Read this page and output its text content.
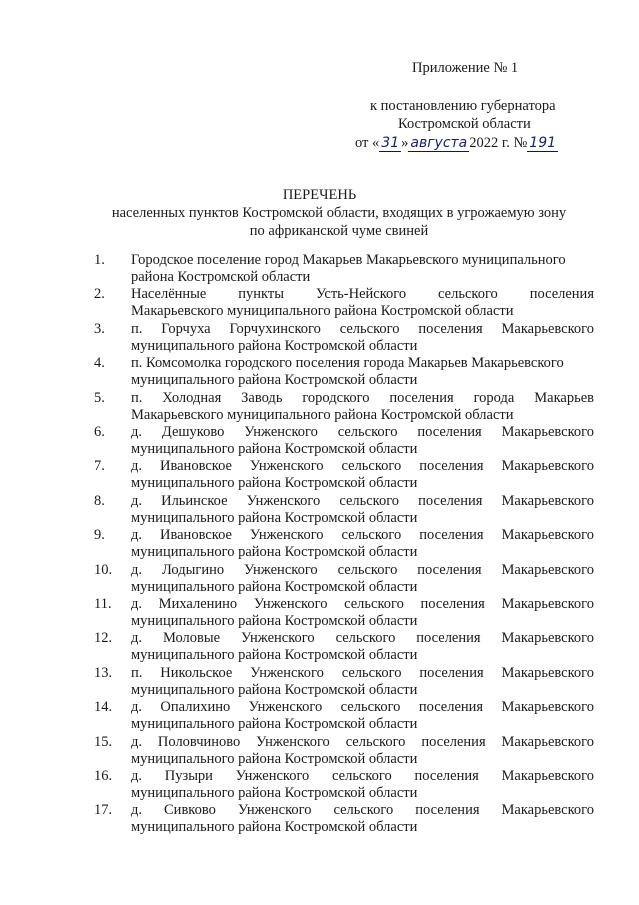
Приложение № 1
к постановлению губернатора
Костромской области
от « 31 » августа 2022 г. № 191
ПЕРЕЧЕНЬ
населенных пунктов Костромской области, входящих в угрожаемую зону
по африканской чуме свиней
1. Городское поселение город Макарьев Макарьевского муниципального
района Костромской области
2. Населённые пункты Усть-Нейского сельского поселения
Макарьевского муниципального района Костромской области
3. п. Горчуха Горчухинского сельского поселения Макарьевского
муниципального района Костромской области
4. п. Комсомолка городского поселения города Макарьев Макарьевского
муниципального района Костромской области
5. п. Холодная Заводь городского поселения города Макарьев
Макарьевского муниципального района Костромской области
6. д. Дешуково Унженского сельского поселения Макарьевского
муниципального района Костромской области
7. д. Ивановское Унженского сельского поселения Макарьевского
муниципального района Костромской области
8. д. Ильинское Унженского сельского поселения Макарьевского
муниципального района Костромской области
9. д. Ивановское Унженского сельского поселения Макарьевского
муниципального района Костромской области
10. д. Лодыгино Унженского сельского поселения Макарьевского
муниципального района Костромской области
11. д. Михаленино Унженского сельского поселения Макарьевского
муниципального района Костромской области
12. д. Моловые Унженского сельского поселения Макарьевского
муниципального района Костромской области
13. п. Никольское Унженского сельского поселения Макарьевского
муниципального района Костромской области
14. д. Опалихино Унженского сельского поселения Макарьевского
муниципального района Костромской области
15. д. Половчиново Унженского сельского поселения Макарьевского
муниципального района Костромской области
16. д. Пузыри Унженского сельского поселения Макарьевского
муниципального района Костромской области
17. д. Сивково Унженского сельского поселения Макарьевского
муниципального района Костромской области
